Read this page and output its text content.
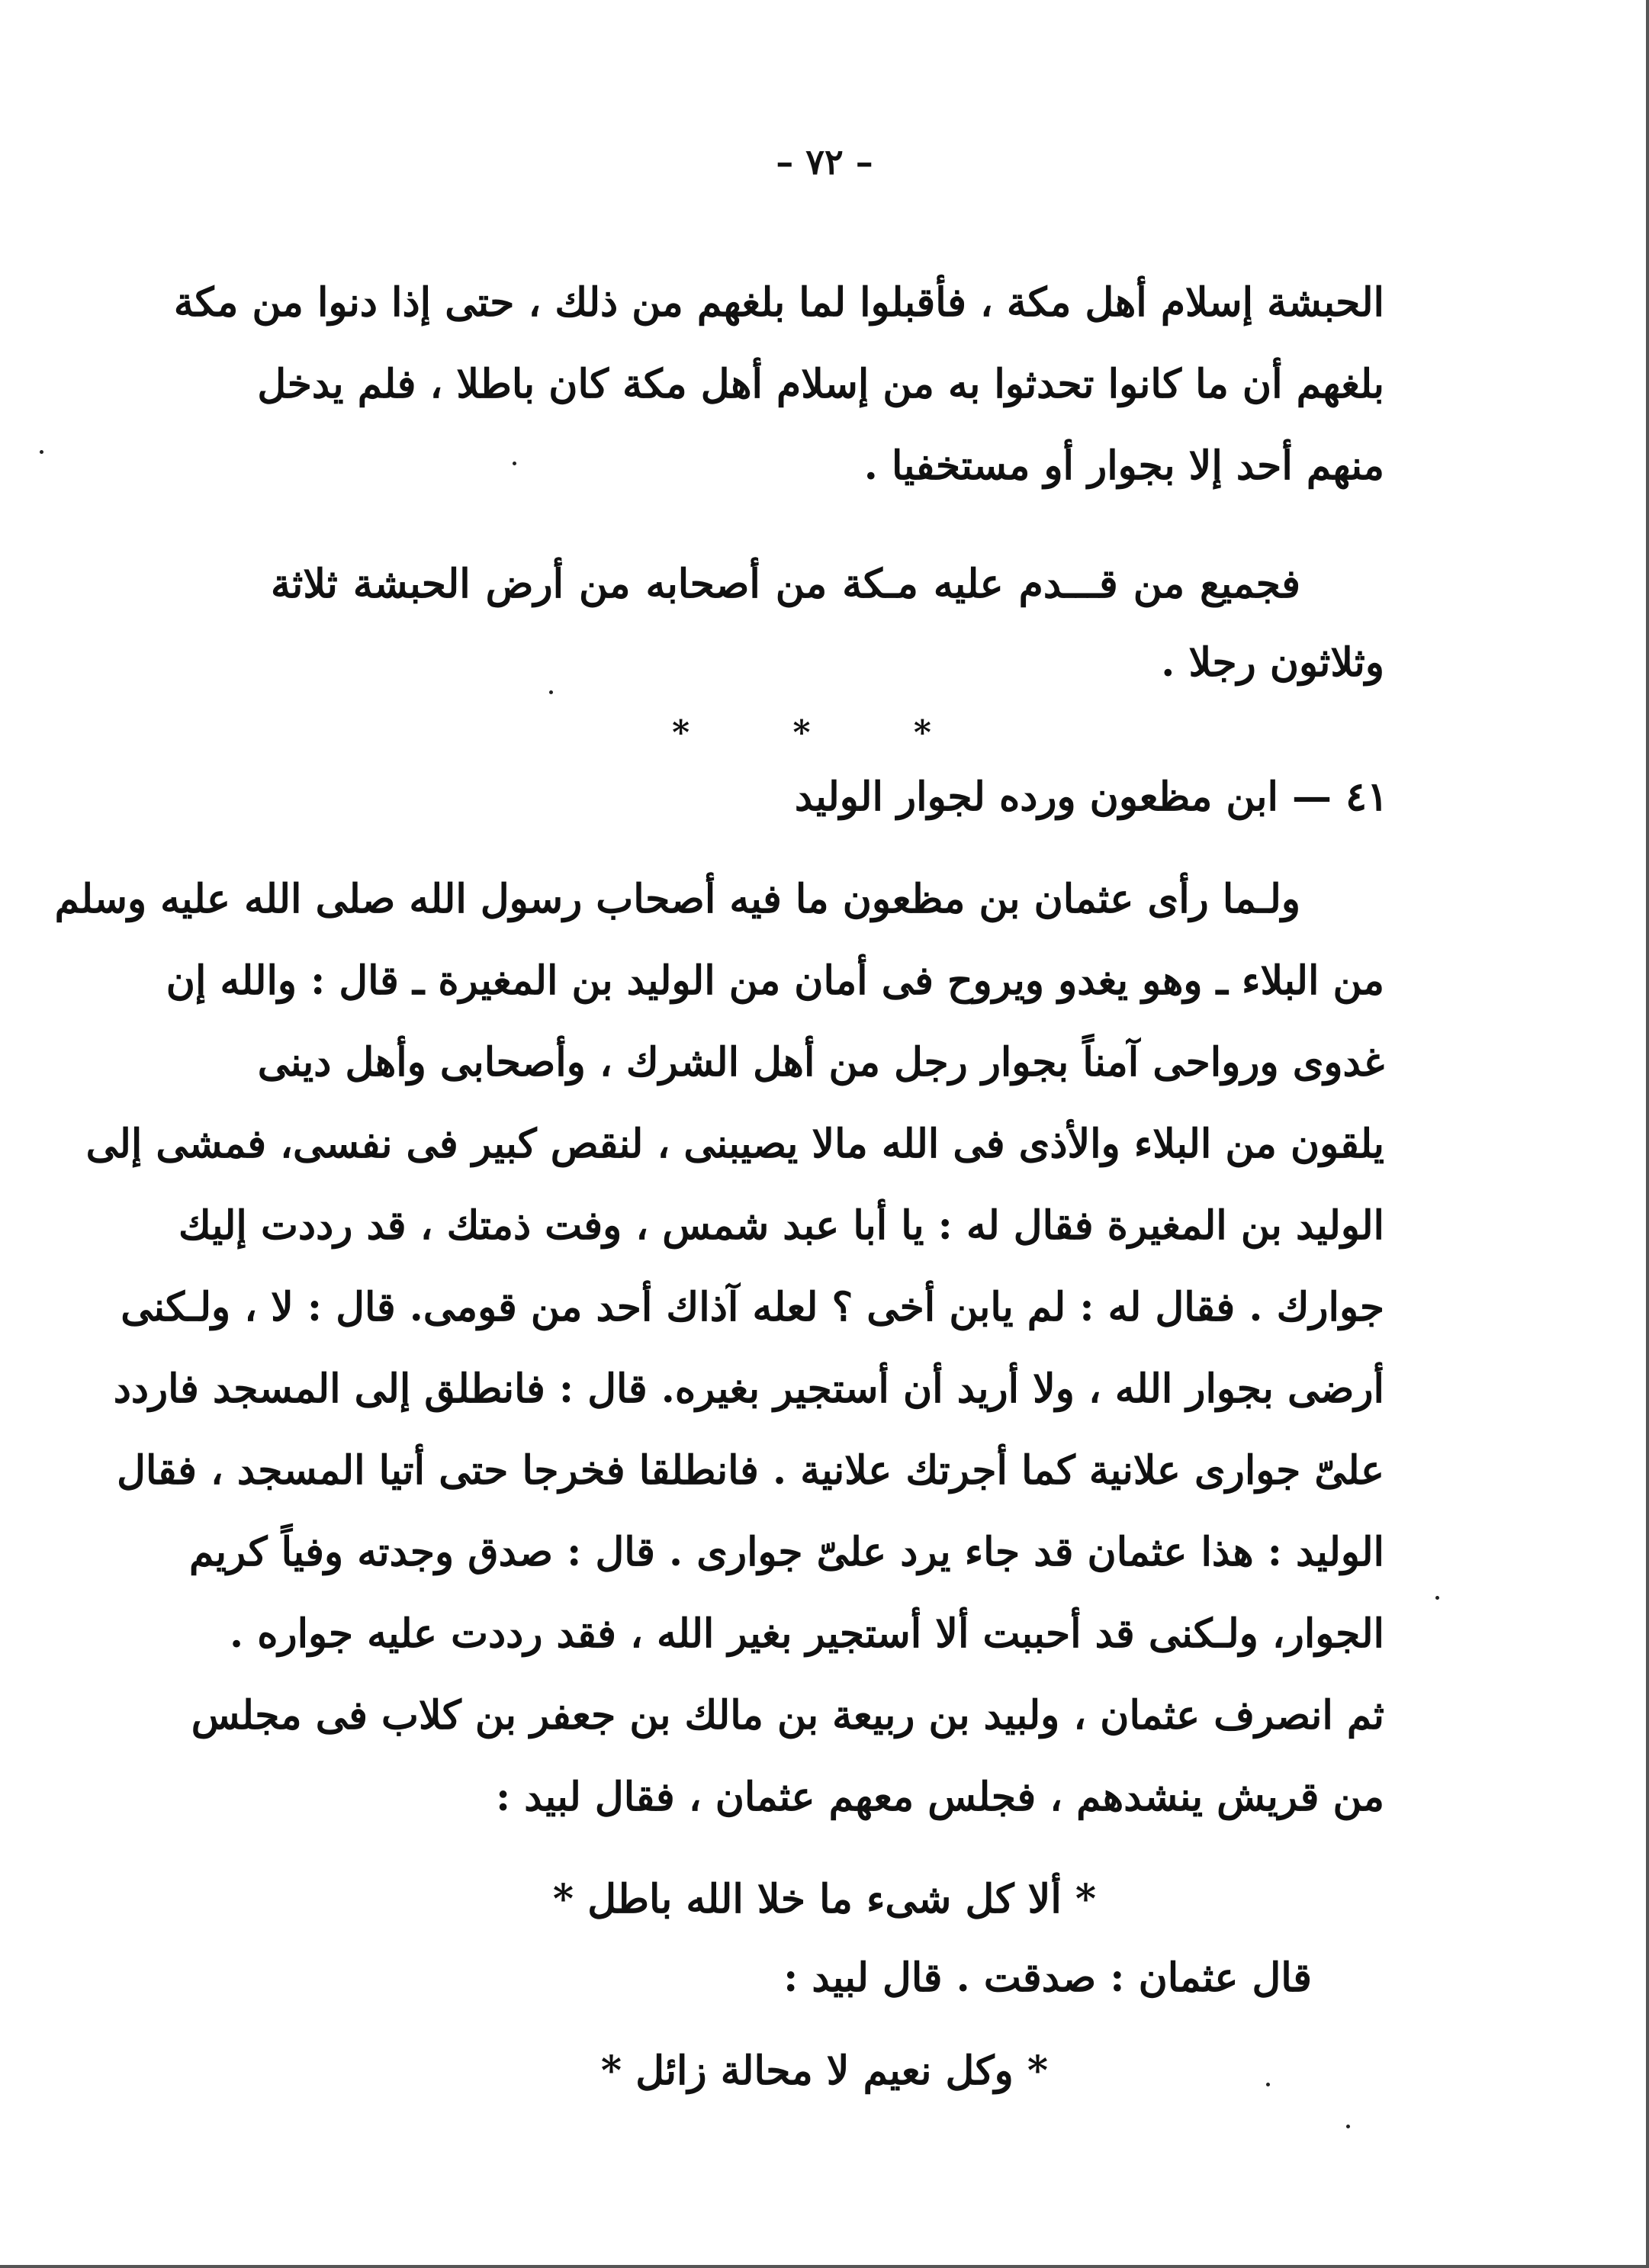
– ٧٢ –
الحبشة إسلام أهل مكة ، فأقبلوا لما بلغهم من ذلك ، حتى إذا دنوا من مكة
بلغهم أن ما كانوا تحدثوا به من إسلام أهل مكة كان باطلا ، فلم يدخل
منهم أحد إلا بجوار أو مستخفيا .
فجميع من قـــدم عليه مـكة من أصحابه من أرض الحبشة ثلاثة
وثلاثون رجلا .
* * *
٤١ — ابن مظعون ورده لجوار الوليد
ولـما رأى عثمان بن مظعون ما فيه أصحاب رسول الله صلى الله عليه وسلم
من البلاء ـ وهو يغدو ويروح فى أمان من الوليد بن المغيرة ـ قال : والله إن
غدوى ورواحى آمناً بجوار رجل من أهل الشرك ، وأصحابى وأهل دينى
يلقون من البلاء والأذى فى الله مالا يصيبنى ، لنقص كبير فى نفسى، فمشى إلى
الوليد بن المغيرة فقال له : يا أبا عبد شمس ، وفت ذمتك ، قد رددت إليك
جوارك . فقال له : لم يابن أخى ؟ لعله آذاك أحد من قومى. قال : لا ، ولـكنى
أرضى بجوار الله ، ولا أريد أن أستجير بغيره. قال : فانطلق إلى المسجد فاردد
علىّ جوارى علانية كما أجرتك علانية . فانطلقا فخرجا حتى أتيا المسجد ، فقال
الوليد : هذا عثمان قد جاء يرد علىّ جوارى . قال : صدق وجدته وفياً كريم
الجوار، ولـكنى قد أحببت ألا أستجير بغير الله ، فقد رددت عليه جواره .
ثم انصرف عثمان ، ولبيد بن ربيعة بن مالك بن جعفر بن كلاب فى مجلس
من قريش ينشدهم ، فجلس معهم عثمان ، فقال لبيد :
* ألا كل شىء ما خلا الله باطل *
قال عثمان : صدقت . قال لبيد :
* وكل نعيم لا محالة زائل *
